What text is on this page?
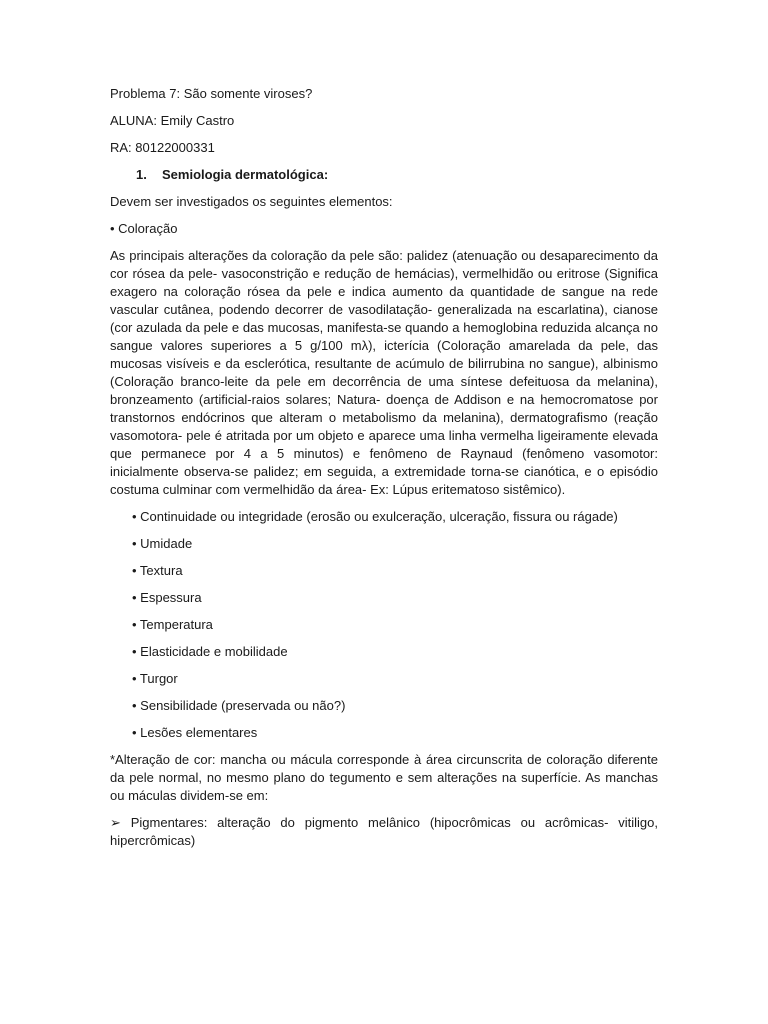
Problema 7: São somente viroses?

ALUNA: Emily Castro

RA: 80122000331

1. Semiologia dermatológica:

Devem ser investigados os seguintes elementos:

• Coloração

As principais alterações da coloração da pele são: palidez (atenuação ou desaparecimento da cor rósea da pele- vasoconstrição e redução de hemácias), vermelhidão ou eritrose (Significa exagero na coloração rósea da pele e indica aumento da quantidade de sangue na rede vascular cutânea, podendo decorrer de vasodilatação- generalizada na escarlatina), cianose (cor azulada da pele e das mucosas, manifesta-se quando a hemoglobina reduzida alcança no sangue valores superiores a 5 g/100 mλ), icterícia (Coloração amarelada da pele, das mucosas visíveis e da esclerótica, resultante de acúmulo de bilirrubina no sangue), albinismo (Coloração branco-leite da pele em decorrência de uma síntese defeituosa da melanina), bronzeamento (artificial-raios solares; Natura- doença de Addison e na hemocromatose por transtornos endócrinos que alteram o metabolismo da melanina), dermatografismo (reação vasomotora- pele é atritada por um objeto e aparece uma linha vermelha ligeiramente elevada que permanece por 4 a 5 minutos) e fenômeno de Raynaud (fenômeno vasomotor: inicialmente observa-se palidez; em seguida, a extremidade torna-se cianótica, e o episódio costuma culminar com vermelhidão da área- Ex: Lúpus eritematoso sistêmico).

• Continuidade ou integridade (erosão ou exulceração, ulceração, fissura ou rágade)
• Umidade
• Textura
• Espessura
• Temperatura
• Elasticidade e mobilidade
• Turgor
• Sensibilidade (preservada ou não?)
• Lesões elementares

*Alteração de cor: mancha ou mácula corresponde à área circunscrita de coloração diferente da pele normal, no mesmo plano do tegumento e sem alterações na superfície. As manchas ou máculas dividem-se em:

➢ Pigmentares: alteração do pigmento melânico (hipocrômicas ou acrômicas- vitiligo, hipercrômicas)
